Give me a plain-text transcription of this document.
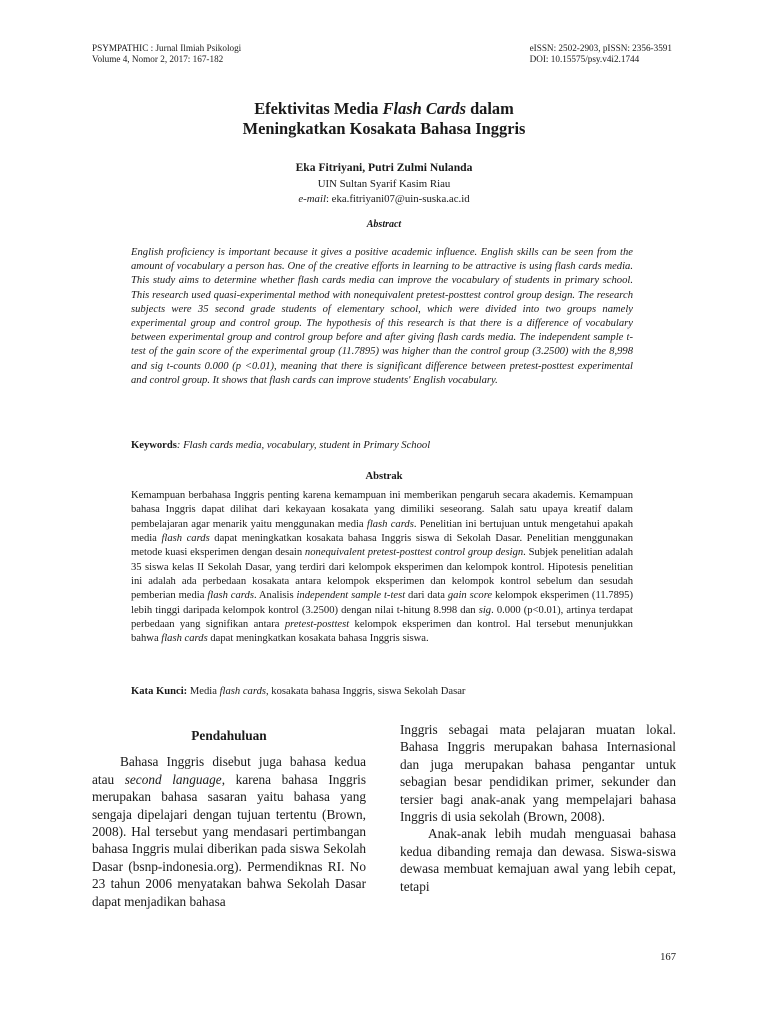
PSYMPATHIC : Jurnal Ilmiah Psikologi
Volume 4, Nomor 2, 2017: 167-182
eISSN: 2502-2903, pISSN: 2356-3591
DOI: 10.15575/psy.v4i2.1744
Efektivitas Media Flash Cards dalam
Meningkatkan Kosakata Bahasa Inggris
Eka Fitriyani, Putri Zulmi Nulanda
UIN Sultan Syarif Kasim Riau
e-mail: eka.fitriyani07@uin-suska.ac.id
Abstract
English proficiency is important because it gives a positive academic influence. English skills can be seen from the amount of vocabulary a person has. One of the creative efforts in learning to be attractive is using flash cards media. This study aims to determine whether flash cards media can improve the vocabulary of students in primary school. This research used quasi-experimental method with nonequivalent pretest-posttest control group design. The research subjects were 35 second grade students of elementary school, which were divided into two groups namely experimental group and control group. The hypothesis of this research is that there is a difference of vocabulary between experimental group and control group before and after giving flash cards media. The independent sample t-test of the gain score of the experimental group (11.7895) was higher than the control group (3.2500) with the 8,998 and sig t-counts 0.000 (p <0.01), meaning that there is significant difference between pretest-posttest experimental and control group. It shows that flash cards can improve students' English vocabulary.
Keywords: Flash cards media, vocabulary, student in Primary School
Abstrak
Kemampuan berbahasa Inggris penting karena kemampuan ini memberikan pengaruh secara akademis. Kemampuan bahasa Inggris dapat dilihat dari kekayaan kosakata yang dimiliki seseorang. Salah satu upaya kreatif dalam pembelajaran agar menarik yaitu menggunakan media flash cards. Penelitian ini bertujuan untuk mengetahui apakah media flash cards dapat meningkatkan kosakata bahasa Inggris siswa di Sekolah Dasar. Penelitian menggunakan metode kuasi eksperimen dengan desain nonequivalent pretest-posttest control group design. Subjek penelitian adalah 35 siswa kelas II Sekolah Dasar, yang terdiri dari kelompok eksperimen dan kelompok kontrol. Hipotesis penelitian ini adalah ada perbedaan kosakata antara kelompok eksperimen dan kelompok kontrol sebelum dan sesudah pemberian media flash cards. Analisis independent sample t-test dari data gain score kelompok eksperimen (11.7895) lebih tinggi daripada kelompok kontrol (3.2500) dengan nilai t-hitung 8.998 dan sig. 0.000 (p<0.01), artinya terdapat perbedaan yang signifikan antara pretest-posttest kelompok eksperimen dan kontrol. Hal tersebut menunjukkan bahwa flash cards dapat meningkatkan kosakata bahasa Inggris siswa.
Kata Kunci: Media flash cards, kosakata bahasa Inggris, siswa Sekolah Dasar
Pendahuluan

Bahasa Inggris disebut juga bahasa kedua atau second language, karena bahasa Inggris merupakan bahasa sasaran yaitu bahasa yang sengaja dipelajari dengan tujuan tertentu (Brown, 2008). Hal tersebut yang mendasari pertimbangan bahasa Inggris mulai diberikan pada siswa Sekolah Dasar (bsnp-indonesia.org). Permendiknas RI. No 23 tahun 2006 menyatakan bahwa Sekolah Dasar dapat menjadikan bahasa

Inggris sebagai mata pelajaran muatan lokal. Bahasa Inggris merupakan bahasa Internasional dan juga merupakan bahasa pengantar untuk sebagian besar pendidikan primer, sekunder dan tersier bagi anak-anak yang mempelajari bahasa Inggris di usia sekolah (Brown, 2008).

Anak-anak lebih mudah menguasai bahasa kedua dibanding remaja dan dewasa. Siswa-siswa dewasa membuat kemajuan awal yang lebih cepat, tetapi

167
